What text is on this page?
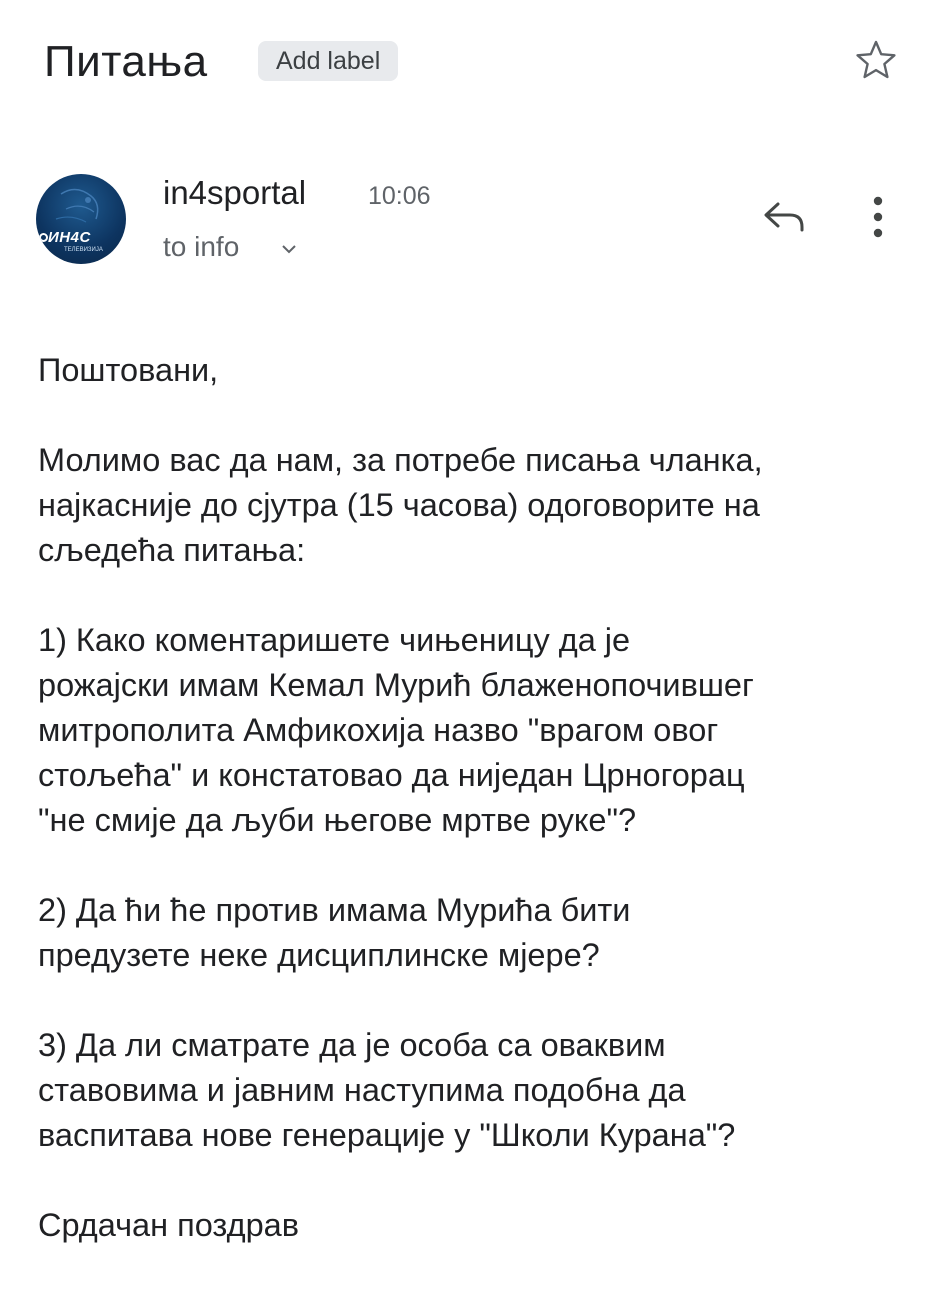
Питања	Add label
ИН4С
ТЕЛЕВИЗИЈА
in4sportal 10:06
to info

Поштовани,

Молимо вас да нам, за потребе писања чланка,
најкасније до сјутра (15 часова) одоговорите на
сљедећа питања:

1) Како коментаришете чињеницу да је
рожајски имам Кемал Мурић блаженопочившег
митрополита Амфикохија назво "врагом овог
стољећа" и констатовао да ниједан Црногорац
"не смије да љуби његове мртве руке"?

2) Да ћи ће против имама Мурића бити
предузете неке дисциплинске мјере?

3) Да ли сматрате да је особа са оваквим
ставовима и јавним наступима подобна да
васпитава нове генерације у "Школи Курана"?

Срдачан поздрав
